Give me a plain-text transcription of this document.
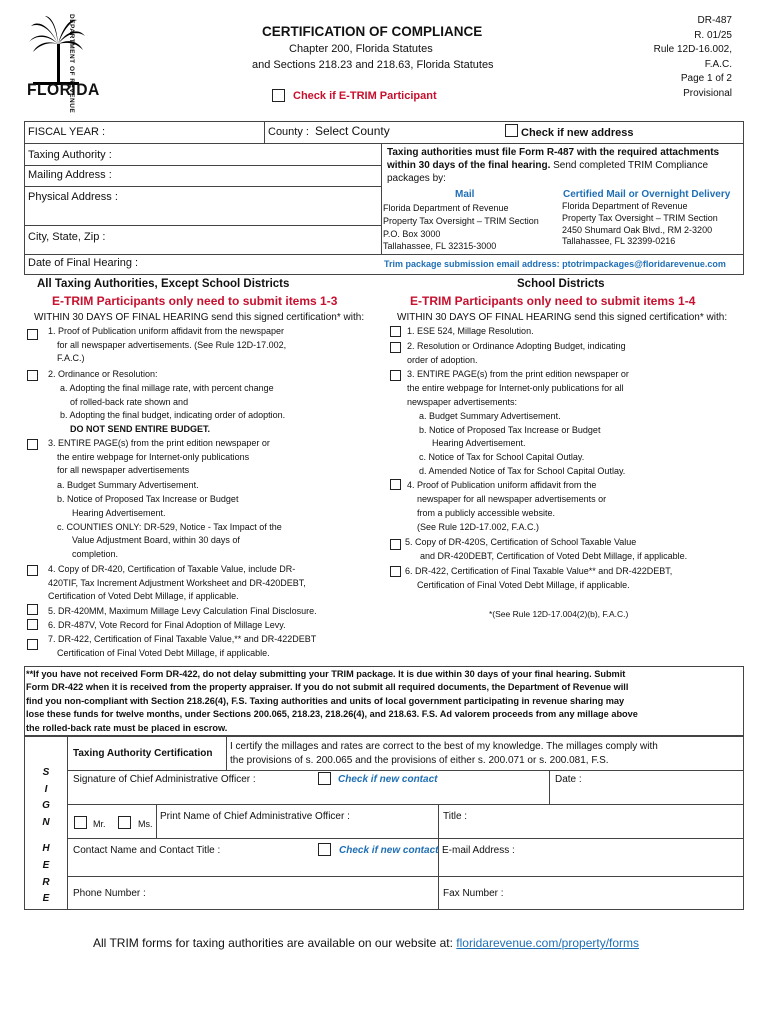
DEPARTMENT OF REVENUE
FLORIDA
CERTIFICATION OF COMPLIANCE
Chapter 200, Florida Statutes
and Sections 218.23 and 218.63, Florida Statutes
Check if E-TRIM Participant
DR-487
R. 01/25
Rule 12D-16.002,
F.A.C.
Page 1 of 2
Provisional
FISCAL YEAR :	County : Select County	Check if new address
Taxing Authority :
Mailing Address :
Physical Address :
City, State, Zip :
Date of Final Hearing :
Taxing authorities must file Form R-487 with the required attachments within 30 days of the final hearing. Send completed TRIM Compliance packages by:
Mail
Florida Department of Revenue
Property Tax Oversight – TRIM Section
P.O. Box 3000
Tallahassee, FL 32315-3000
Certified Mail or Overnight Delivery
Florida Department of Revenue
Property Tax Oversight – TRIM Section
2450 Shumard Oak Blvd., RM 2-3200
Tallahassee, FL 32399-0216
Trim package submission email address: ptotrimpackages@floridarevenue.com
All Taxing Authorities, Except School Districts
E-TRIM Participants only need to submit items 1-3
WITHIN 30 DAYS OF FINAL HEARING send this signed certification* with:
1. Proof of Publication uniform affidavit from the newspaper
for all newspaper advertisements. (See Rule 12D-17.002,
F.A.C.)
2. Ordinance or Resolution:
a. Adopting the final millage rate, with percent change
of rolled-back rate shown and
b. Adopting the final budget, indicating order of adoption.
DO NOT SEND ENTIRE BUDGET.
3. ENTIRE PAGE(s) from the print edition newspaper or
the entire webpage for Internet-only publications
for all newspaper advertisements
a. Budget Summary Advertisement.
b. Notice of Proposed Tax Increase or Budget
Hearing Advertisement.
c. COUNTIES ONLY: DR-529, Notice - Tax Impact of the
Value Adjustment Board, within 30 days of
completion.
4. Copy of DR-420, Certification of Taxable Value, include DR-
420TIF, Tax Increment Adjustment Worksheet and DR-420DEBT,
Certification of Voted Debt Millage, if applicable.
5. DR-420MM, Maximum Millage Levy Calculation Final Disclosure.
6. DR-487V, Vote Record for Final Adoption of Millage Levy.
7. DR-422, Certification of Final Taxable Value,** and DR-422DEBT
Certification of Final Voted Debt Millage, if applicable.
School Districts
E-TRIM Participants only need to submit items 1-4
WITHIN 30 DAYS OF FINAL HEARING send this signed certification* with:
1. ESE 524, Millage Resolution.
2. Resolution or Ordinance Adopting Budget, indicating
order of adoption.
3. ENTIRE PAGE(s) from the print edition newspaper or
the entire webpage for Internet-only publications for all
newspaper advertisements:
a. Budget Summary Advertisement.
b. Notice of Proposed Tax Increase or Budget
Hearing Advertisement.
c. Notice of Tax for School Capital Outlay.
d. Amended Notice of Tax for School Capital Outlay.
4. Proof of Publication uniform affidavit from the
newspaper for all newspaper advertisements or
from a publicly accessible website.
(See Rule 12D-17.002, F.A.C.)
5. Copy of DR-420S, Certification of School Taxable Value
and DR-420DEBT, Certification of Voted Debt Millage, if applicable.
6. DR-422, Certification of Final Taxable Value** and DR-422DEBT,
Certification of Final Voted Debt Millage, if applicable.
*(See Rule 12D-17.004(2)(b), F.A.C.)
**If you have not received Form DR-422, do not delay submitting your TRIM package. It is due within 30 days of your final hearing. Submit
Form DR-422 when it is received from the property appraiser. If you do not submit all required documents, the Department of Revenue will
find you non-compliant with Section 218.26(4), F.S. Taxing authorities and units of local government participating in revenue sharing may
lose these funds for twelve months, under Sections 200.065, 218.23, 218.26(4), and 218.63. F.S. Ad valorem proceeds from any millage above
the rolled-back rate must be placed in escrow.
S
I
G
N
H
E
R
E
Taxing Authority Certification
I certify the millages and rates are correct to the best of my knowledge. The millages comply with
the provisions of s. 200.065 and the provisions of either s. 200.071 or s. 200.081, F.S.
Signature of Chief Administrative Officer :	Check if new contact	Date :
Mr.	Ms.
Print Name of Chief Administrative Officer :	Title :
Contact Name and Contact Title :	Check if new contact E-mail Address :
Phone Number :	Fax Number :
All TRIM forms for taxing authorities are available on our website at: floridarevenue.com/property/forms
